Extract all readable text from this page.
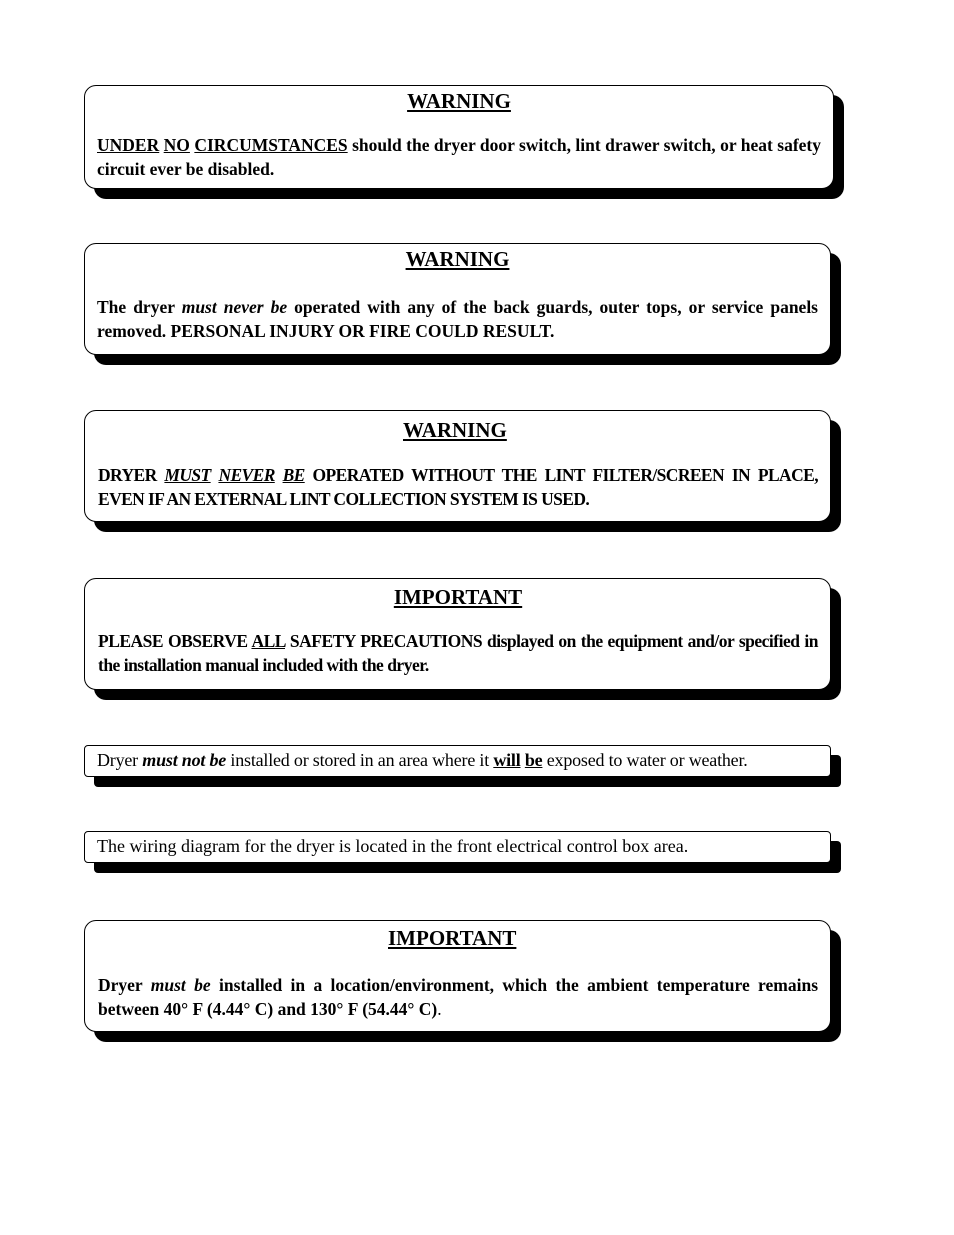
WARNING
UNDER NO CIRCUMSTANCES should the dryer door switch, lint drawer switch, or heat safety circuit ever be disabled.
WARNING
The dryer must never be operated with any of the back guards, outer tops, or service panels removed. PERSONAL INJURY OR FIRE COULD RESULT.
WARNING
DRYER MUST NEVER BE OPERATED WITHOUT THE LINT FILTER/SCREEN IN PLACE, EVEN IF AN EXTERNAL LINT COLLECTION SYSTEM IS USED.
IMPORTANT
PLEASE OBSERVE ALL SAFETY PRECAUTIONS displayed on the equipment and/or specified in the installation manual included with the dryer.
Dryer must not be installed or stored in an area where it will be exposed to water or weather.
The wiring diagram for the dryer is located in the front electrical control box area.
IMPORTANT
Dryer must be installed in a location/environment, which the ambient temperature remains between 40° F (4.44° C) and 130° F (54.44° C).
